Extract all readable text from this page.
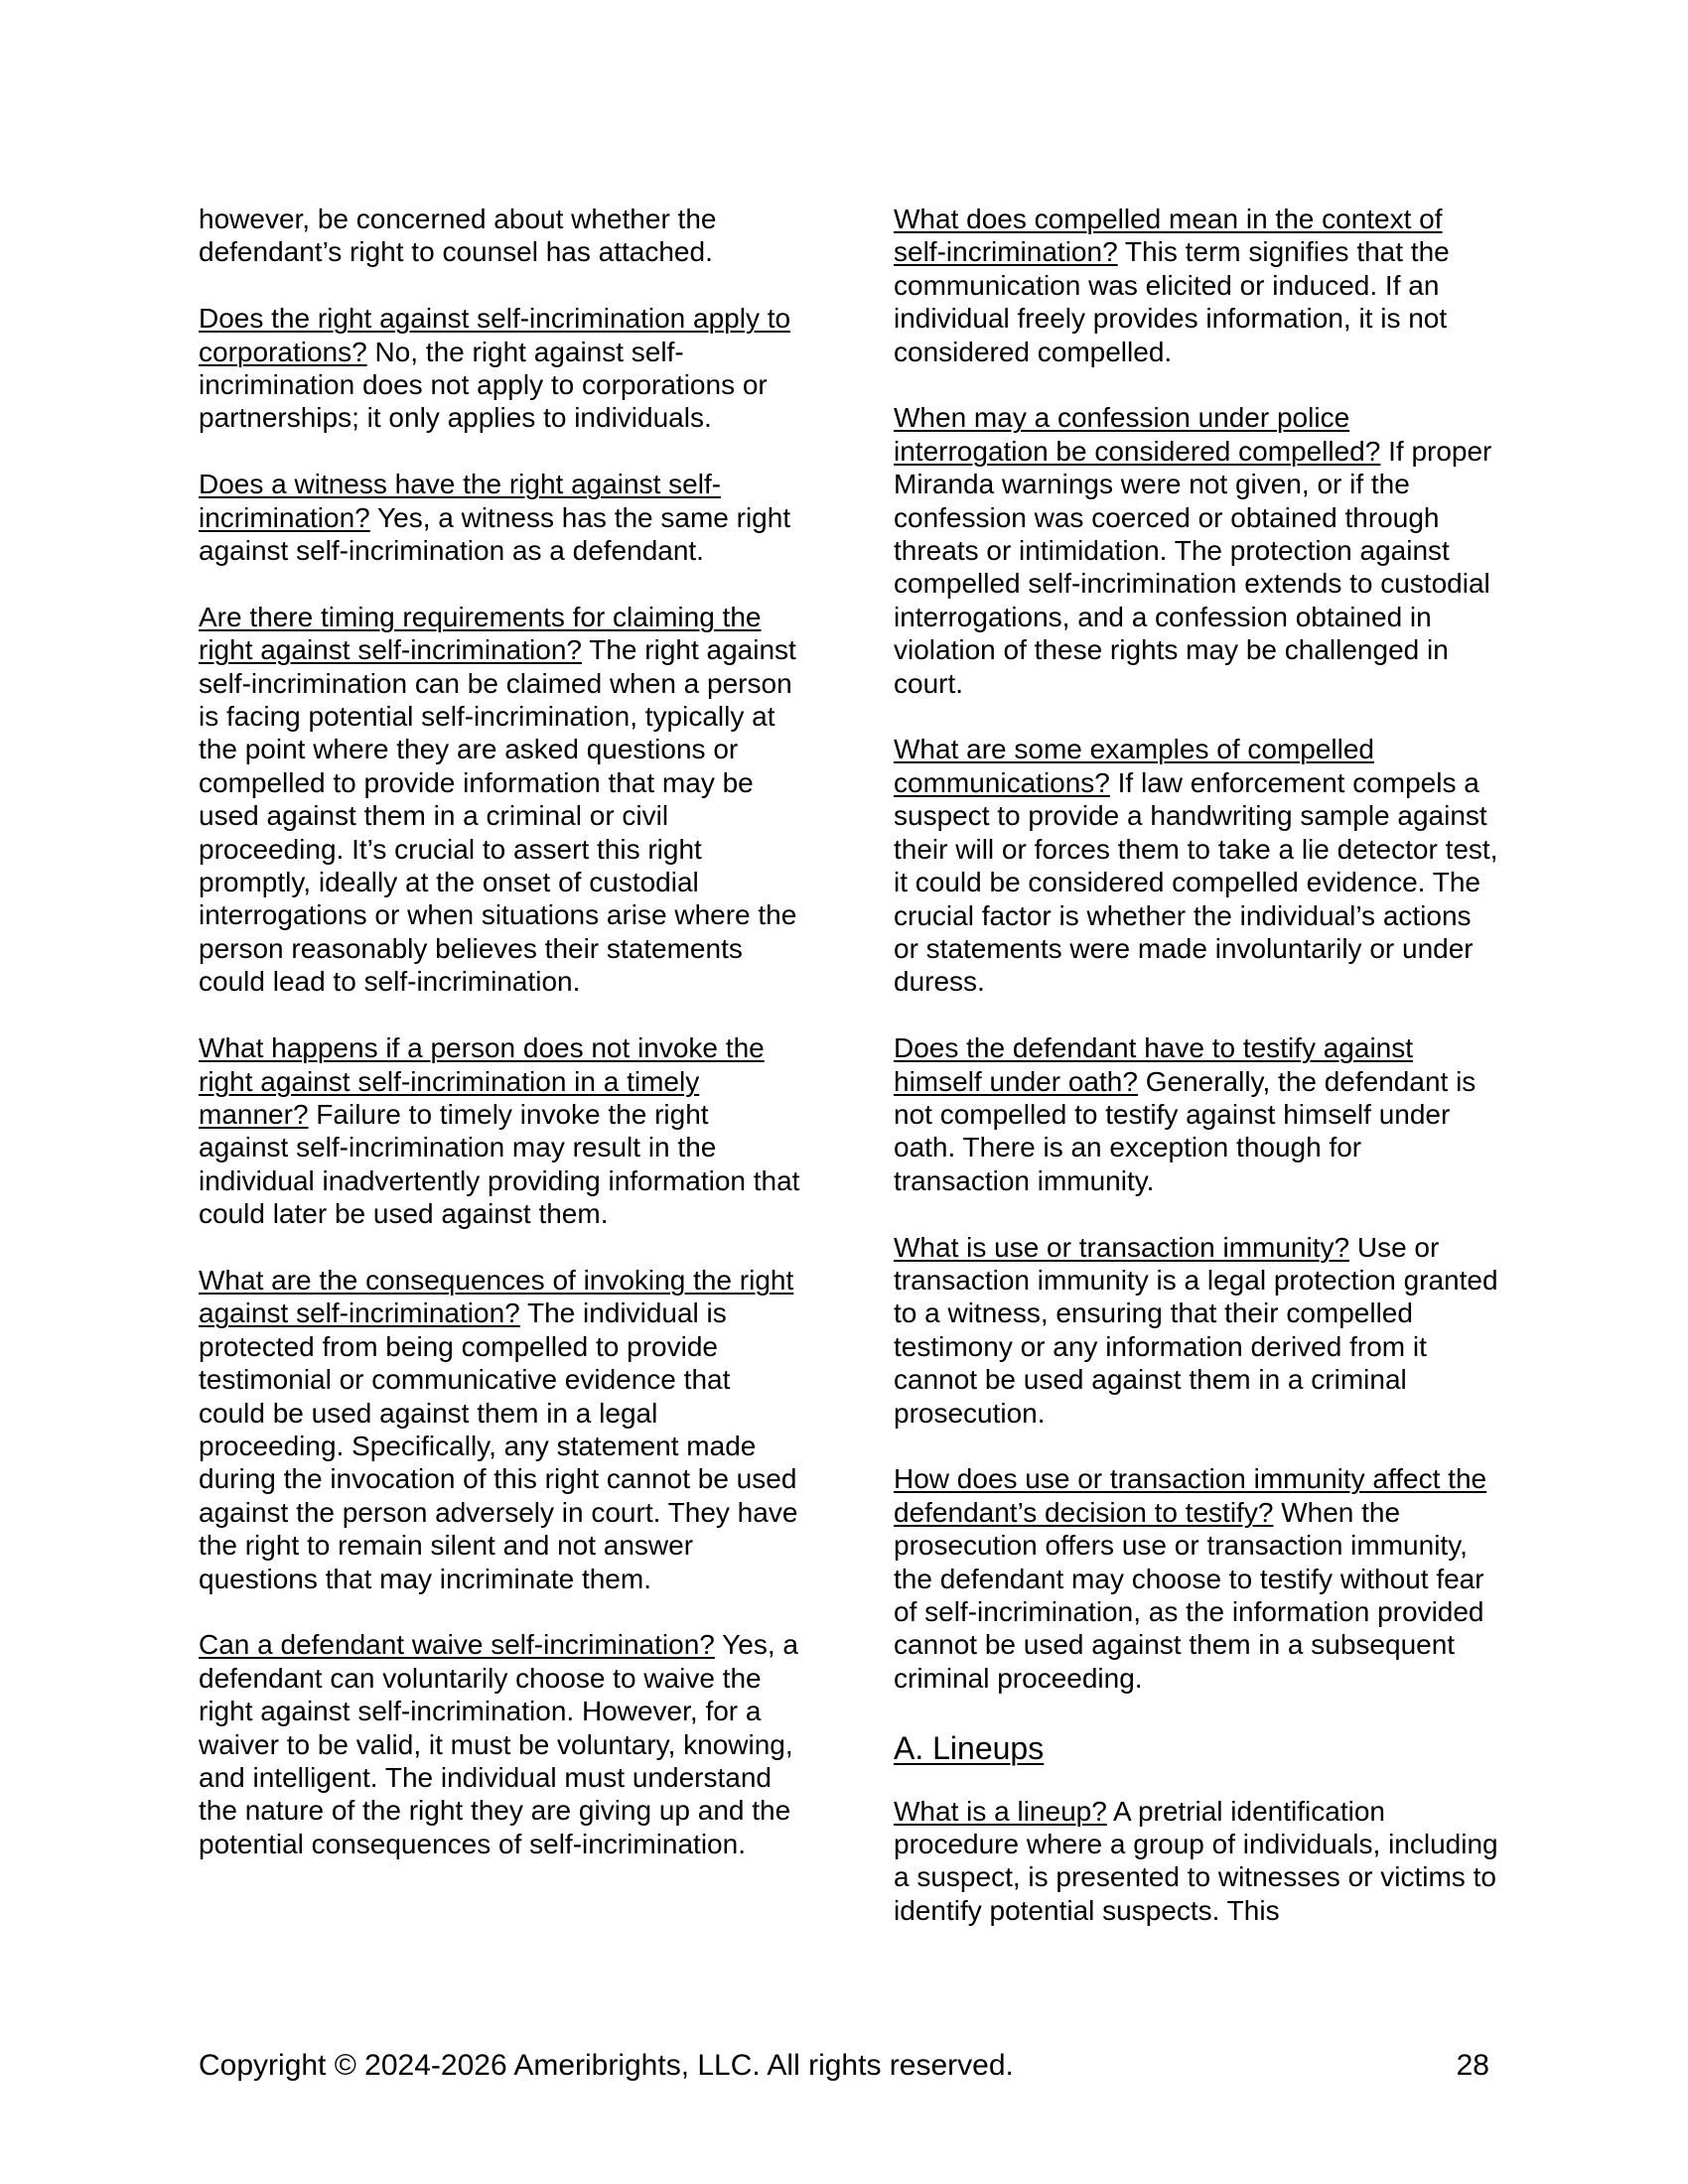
however, be concerned about whether the defendant’s right to counsel has attached.

Does the right against self-incrimination apply to corporations? No, the right against self-incrimination does not apply to corporations or partnerships; it only applies to individuals.

Does a witness have the right against self-incrimination? Yes, a witness has the same right against self-incrimination as a defendant.

Are there timing requirements for claiming the right against self-incrimination? The right against self-incrimination can be claimed when a person is facing potential self-incrimination, typically at the point where they are asked questions or compelled to provide information that may be used against them in a criminal or civil proceeding. It’s crucial to assert this right promptly, ideally at the onset of custodial interrogations or when situations arise where the person reasonably believes their statements could lead to self-incrimination.

What happens if a person does not invoke the right against self-incrimination in a timely manner? Failure to timely invoke the right against self-incrimination may result in the individual inadvertently providing information that could later be used against them.

What are the consequences of invoking the right against self-incrimination? The individual is protected from being compelled to provide testimonial or communicative evidence that could be used against them in a legal proceeding. Specifically, any statement made during the invocation of this right cannot be used against the person adversely in court. They have the right to remain silent and not answer questions that may incriminate them.

Can a defendant waive self-incrimination? Yes, a defendant can voluntarily choose to waive the right against self-incrimination. However, for a waiver to be valid, it must be voluntary, knowing, and intelligent. The individual must understand the nature of the right they are giving up and the potential consequences of self-incrimination.

What does compelled mean in the context of self-incrimination? This term signifies that the communication was elicited or induced. If an individual freely provides information, it is not considered compelled.

When may a confession under police interrogation be considered compelled? If proper Miranda warnings were not given, or if the confession was coerced or obtained through threats or intimidation. The protection against compelled self-incrimination extends to custodial interrogations, and a confession obtained in violation of these rights may be challenged in court.

What are some examples of compelled communications? If law enforcement compels a suspect to provide a handwriting sample against their will or forces them to take a lie detector test, it could be considered compelled evidence. The crucial factor is whether the individual’s actions or statements were made involuntarily or under duress.

Does the defendant have to testify against himself under oath? Generally, the defendant is not compelled to testify against himself under oath. There is an exception though for transaction immunity.

What is use or transaction immunity? Use or transaction immunity is a legal protection granted to a witness, ensuring that their compelled testimony or any information derived from it cannot be used against them in a criminal prosecution.

How does use or transaction immunity affect the defendant’s decision to testify? When the prosecution offers use or transaction immunity, the defendant may choose to testify without fear of self-incrimination, as the information provided cannot be used against them in a subsequent criminal proceeding.

A. Lineups

What is a lineup? A pretrial identification procedure where a group of individuals, including a suspect, is presented to witnesses or victims to identify potential suspects. This

Copyright © 2024-2026 Ameribrights, LLC. All rights reserved.	28
